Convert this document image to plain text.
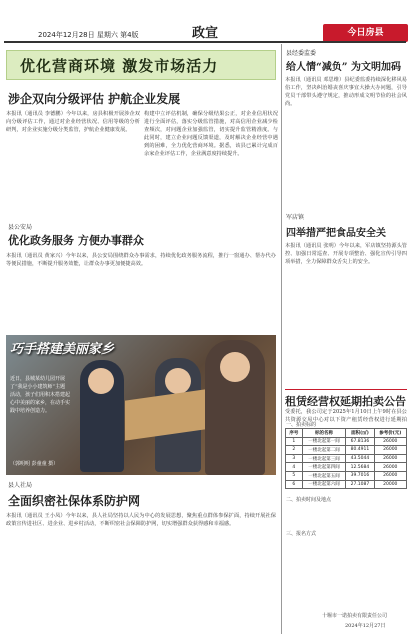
2024年12月28日 星期六 第4版	政宣	今日房县
优化营商环境 激发市场活力
涉企双向分级评估 护航企业发展
本报讯（通讯员 李德鹏）今年以来，房县积极开展涉企双向分级评估工作，通过对企业经营状况、信用等级的分析研判，对企业实施分级分类监管，护航企业健康发展。
构建中立评估机制，确保分级结果公正，对企业信用状况进行全面评估，落实分级监管措施，对高信用企业减少检查频次，对问题企业加强监管，切实提升监管精准度。与此同时，建立企业问题反馈渠道，及时解决企业经营中遇到的困难，全力优化营商环境。据悉，该县已累计完成百余家企业评估工作，企业满意度持续提升。
县公安局
优化政务服务 方便办事群众
本报讯（通讯员 黄家兴）今年以来，县公安局围绕群众办事需求，持续优化政务服务流程，推行一窗通办、帮办代办等便民措施，不断提升服务效能，让群众办事更加便捷高效。
巧手搭建美丽家乡
近日，县城某幼儿园开展了“我是小小建筑师”主题活动，孩子们用积木搭建起心中美丽的家乡，在动手实践中培养创造力。
（郭明明 彭童童 摄）
县人社局
全面织密社保体系防护网
本报讯（通讯员 王小凤）今年以来，县人社局坚持以人民为中心的发展思想，聚焦重点群体参保扩面，持续开展社保政策宣传进社区、进企业、进乡村活动，不断织密社会保障防护网，切实增强群众获得感和幸福感。
县经委监委
给人情“减负” 为文明加码
本报讯（通讯员 邓思维）县纪委监委持续深化移风易俗工作，坚决纠治婚丧喜庆事宜大操大办问题，引导党员干部带头遵守规定，推动形成文明节俭的社会风尚。
军店镇
四举措严把食品安全关
本报讯（通讯员 张明）今年以来，军店镇坚持源头管控、加强日常巡查、开展专项整治、强化宣传引导四项举措，全力保障群众舌尖上的安全。
租赁经营权延期拍卖公告
受委托，我公司定于2025年1月10日上午9时在县公共资源交易中心对以下资产租赁经营权进行延期拍
一、拍卖标的
序号	标的名称	面积(㎡)	参考价(元)
1	一楼北起第一间	67.8136	26000
2	一楼北起第二间	80.4911	26000
3	一楼北起第三间	43.5044	26000
4	一楼北起第四间	12.5684	26000
5	一楼北起第五间	39.7016	26000
6	一楼北起第六间	27.1087	20000
二、拍卖时间及地点
三、报名方式
十堰市一诺拍卖有限责任公司
2024年12月27日
